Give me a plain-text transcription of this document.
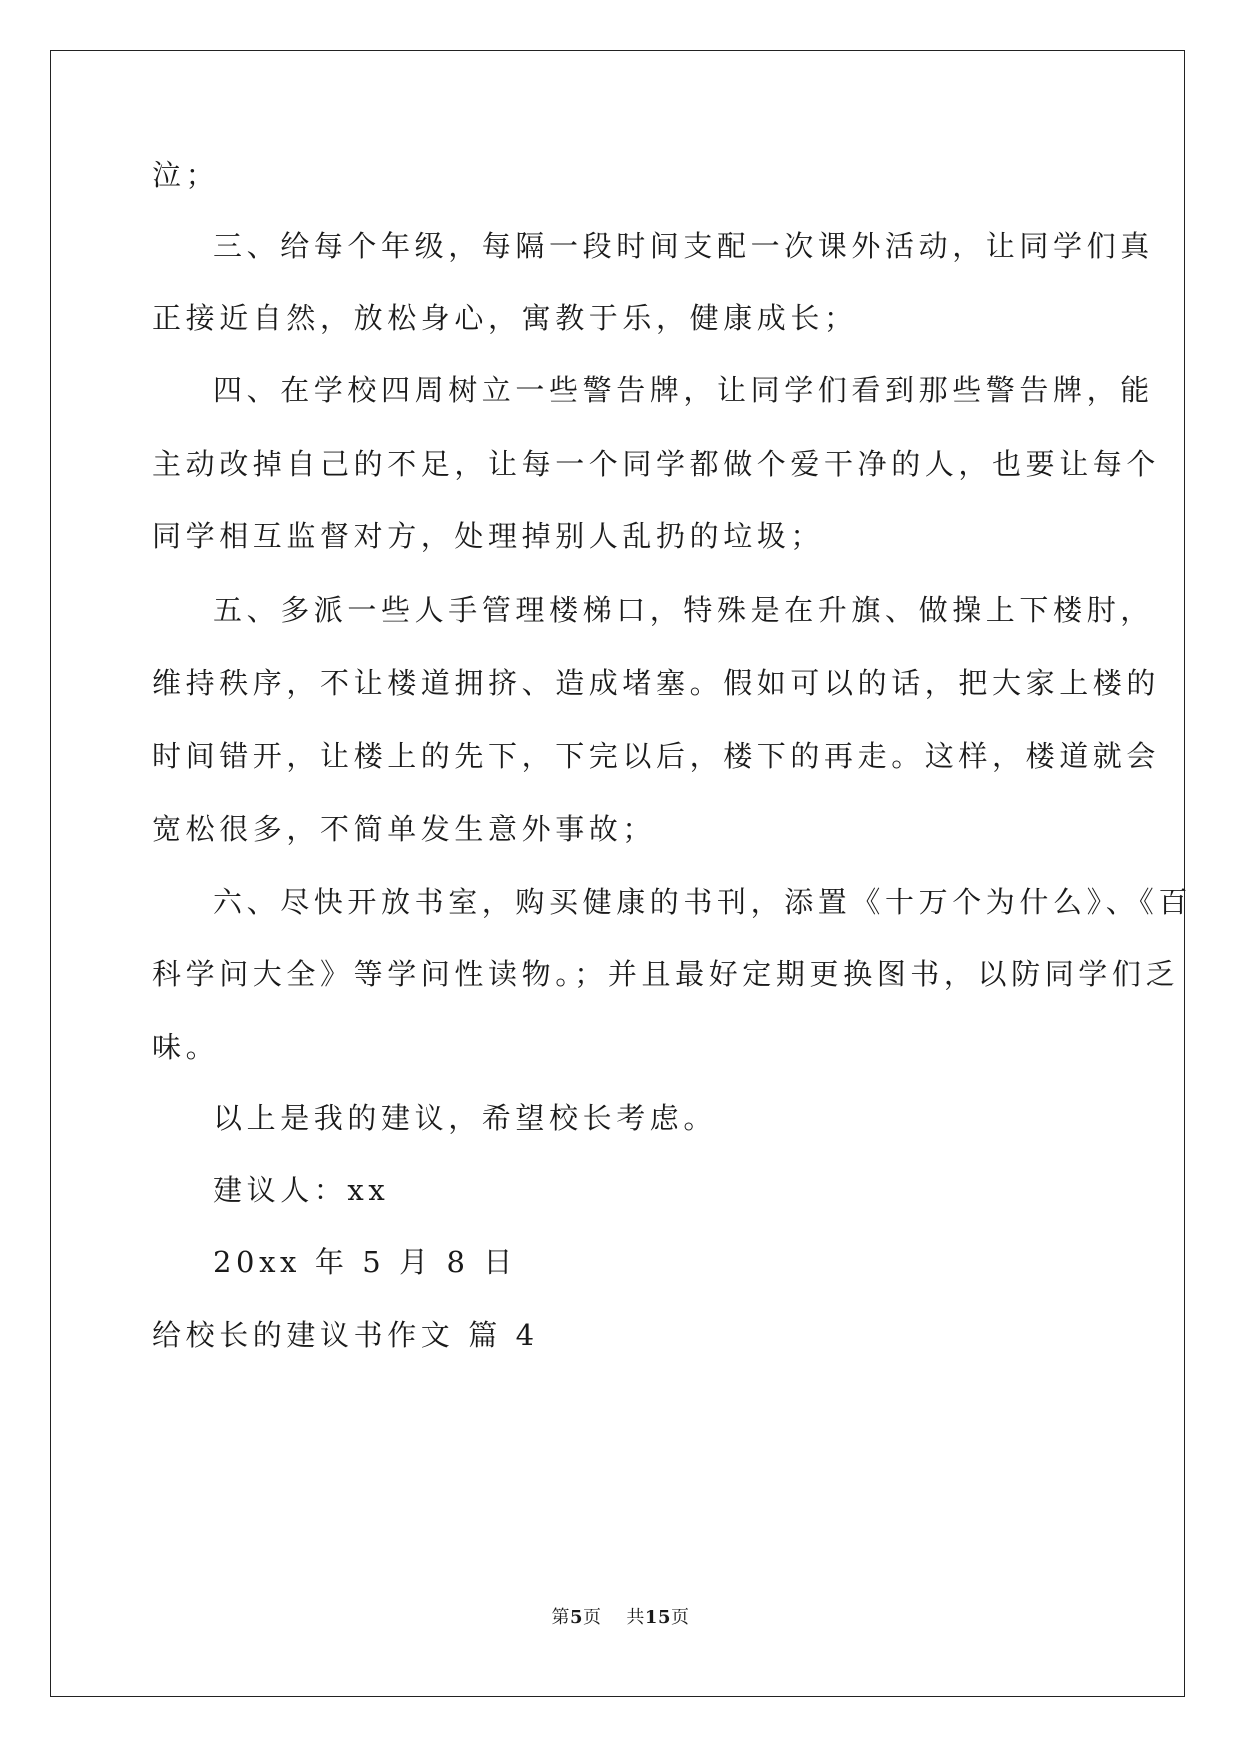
泣；
三、给每个年级，每隔一段时间支配一次课外活动，让同学们真
正接近自然，放松身心，寓教于乐，健康成长；
四、在学校四周树立一些警告牌，让同学们看到那些警告牌，能
主动改掉自己的不足，让每一个同学都做个爱干净的人，也要让每个
同学相互监督对方，处理掉别人乱扔的垃圾；
五、多派一些人手管理楼梯口，特殊是在升旗、做操上下楼肘，
维持秩序，不让楼道拥挤、造成堵塞。假如可以的话，把大家上楼的
时间错开，让楼上的先下，下完以后，楼下的再走。这样，楼道就会
宽松很多，不简单发生意外事故；
六、尽快开放书室，购买健康的书刊，添置《十万个为什么》、《百
科学问大全》等学问性读物。；并且最好定期更换图书，以防同学们乏
味。
以上是我的建议，希望校长考虑。
建议人：xx
20xx 年 5 月 8 日
给校长的建议书作文 篇 4
第5页    共15页
